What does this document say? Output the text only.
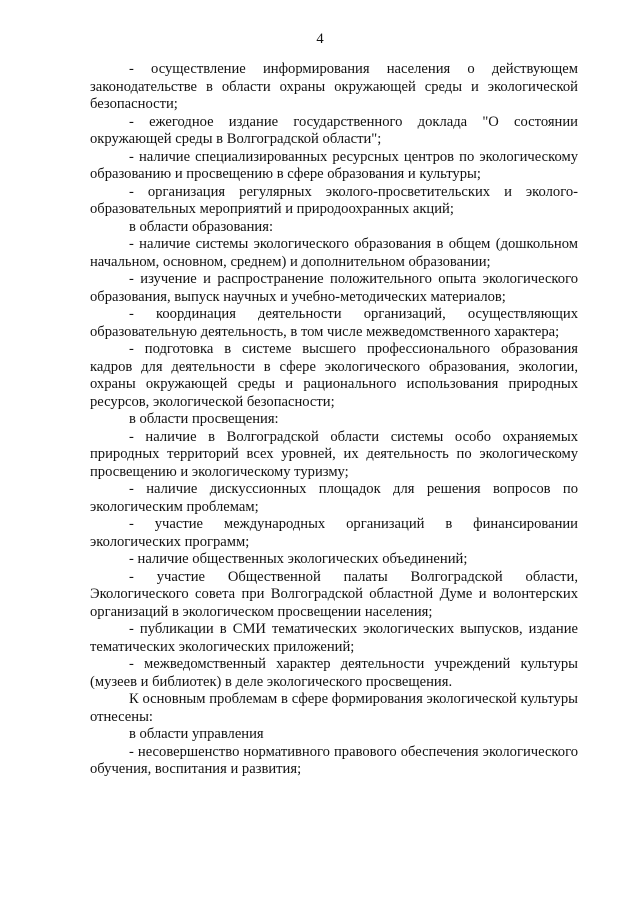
4

- осуществление информирования населения о действующем законодательстве в области охраны окружающей среды и экологической безопасности;

- ежегодное издание государственного доклада "О состоянии окружающей среды в Волгоградской области";

- наличие специализированных ресурсных центров по экологическому образованию и просвещению в сфере образования и культуры;

- организация регулярных эколого-просветительских и эколого-образовательных мероприятий и природоохранных акций;

в области образования:

- наличие системы экологического образования в общем (дошкольном начальном, основном, среднем) и дополнительном образовании;

- изучение и распространение положительного опыта экологического образования, выпуск научных и учебно-методических материалов;

- координация деятельности организаций, осуществляющих образовательную деятельность, в том числе межведомственного характера;

- подготовка в системе высшего профессионального образования кадров для деятельности в сфере экологического образования, экологии, охраны окружающей среды и рационального использования природных ресурсов, экологической безопасности;

в области просвещения:

- наличие в Волгоградской области системы особо охраняемых природных территорий всех уровней, их деятельность по экологическому просвещению и экологическому туризму;

- наличие дискуссионных площадок для решения вопросов по экологическим проблемам;

- участие международных организаций в финансировании экологических программ;

- наличие общественных экологических объединений;

- участие Общественной палаты Волгоградской области, Экологического совета при Волгоградской областной Думе и волонтерских организаций в экологическом просвещении населения;

- публикации в СМИ тематических экологических выпусков, издание тематических экологических приложений;

- межведомственный характер деятельности учреждений культуры (музеев и библиотек) в деле экологического просвещения.

К основным проблемам в сфере формирования экологической культуры отнесены:

в области управления

- несовершенство нормативного правового обеспечения экологического обучения, воспитания и развития;
